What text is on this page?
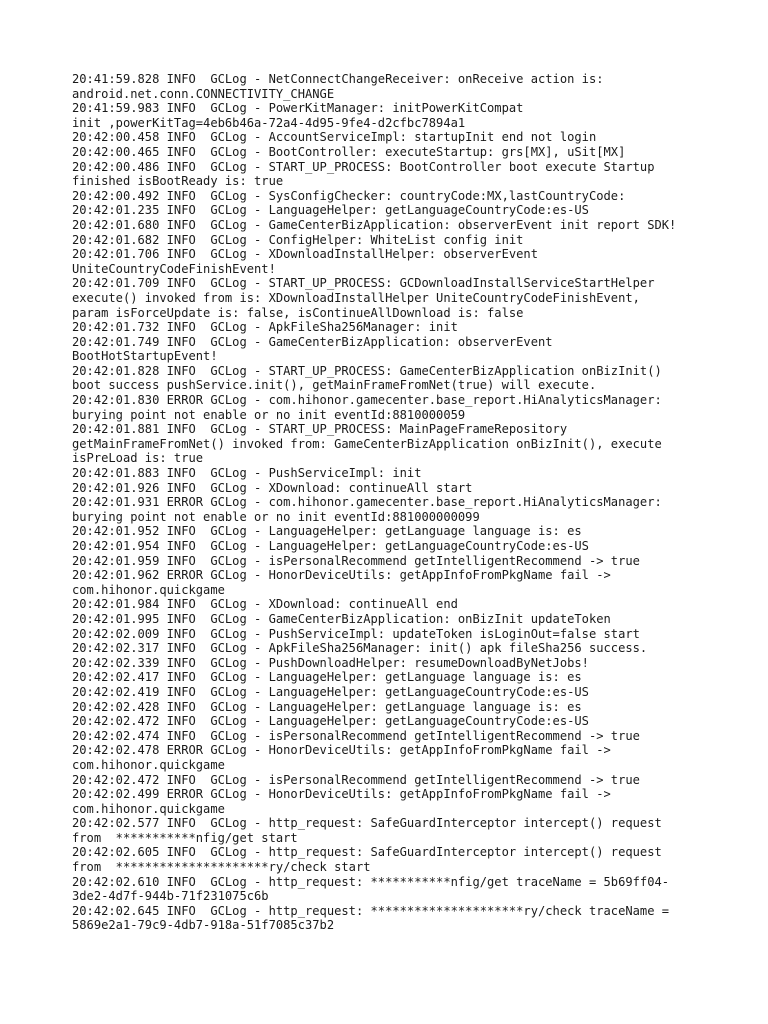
20:41:59.828 INFO  GCLog - NetConnectChangeReceiver: onReceive action is:

android.net.conn.CONNECTIVITY_CHANGE

20:41:59.983 INFO  GCLog - PowerKitManager: initPowerKitCompat

init ,powerKitTag=4eb6b46a-72a4-4d95-9fe4-d2cfbc7894a1

20:42:00.458 INFO  GCLog - AccountServiceImpl: startupInit end not login

20:42:00.465 INFO  GCLog - BootController: executeStartup: grs[MX], uSit[MX]

20:42:00.486 INFO  GCLog - START_UP_PROCESS: BootController boot execute Startup

finished isBootReady is: true

20:42:00.492 INFO  GCLog - SysConfigChecker: countryCode:MX,lastCountryCode:

20:42:01.235 INFO  GCLog - LanguageHelper: getLanguageCountryCode:es-US

20:42:01.680 INFO  GCLog - GameCenterBizApplication: observerEvent init report SDK!

20:42:01.682 INFO  GCLog - ConfigHelper: WhiteList config init

20:42:01.706 INFO  GCLog - XDownloadInstallHelper: observerEvent

UniteCountryCodeFinishEvent!

20:42:01.709 INFO  GCLog - START_UP_PROCESS: GCDownloadInstallServiceStartHelper

execute() invoked from is: XDownloadInstallHelper UniteCountryCodeFinishEvent,

param isForceUpdate is: false, isContinueAllDownload is: false

20:42:01.732 INFO  GCLog - ApkFileSha256Manager: init

20:42:01.749 INFO  GCLog - GameCenterBizApplication: observerEvent

BootHotStartupEvent!

20:42:01.828 INFO  GCLog - START_UP_PROCESS: GameCenterBizApplication onBizInit()

boot success pushService.init(), getMainFrameFromNet(true) will execute.

20:42:01.830 ERROR GCLog - com.hihonor.gamecenter.base_report.HiAnalyticsManager:

burying point not enable or no init eventId:8810000059

20:42:01.881 INFO  GCLog - START_UP_PROCESS: MainPageFrameRepository

getMainFrameFromNet() invoked from: GameCenterBizApplication onBizInit(), execute

isPreLoad is: true

20:42:01.883 INFO  GCLog - PushServiceImpl: init

20:42:01.926 INFO  GCLog - XDownload: continueAll start

20:42:01.931 ERROR GCLog - com.hihonor.gamecenter.base_report.HiAnalyticsManager:

burying point not enable or no init eventId:881000000099

20:42:01.952 INFO  GCLog - LanguageHelper: getLanguage language is: es

20:42:01.954 INFO  GCLog - LanguageHelper: getLanguageCountryCode:es-US

20:42:01.959 INFO  GCLog - isPersonalRecommend getIntelligentRecommend -> true

20:42:01.962 ERROR GCLog - HonorDeviceUtils: getAppInfoFromPkgName fail ->

com.hihonor.quickgame

20:42:01.984 INFO  GCLog - XDownload: continueAll end

20:42:01.995 INFO  GCLog - GameCenterBizApplication: onBizInit updateToken

20:42:02.009 INFO  GCLog - PushServiceImpl: updateToken isLoginOut=false start

20:42:02.317 INFO  GCLog - ApkFileSha256Manager: init() apk fileSha256 success.

20:42:02.339 INFO  GCLog - PushDownloadHelper: resumeDownloadByNetJobs!

20:42:02.417 INFO  GCLog - LanguageHelper: getLanguage language is: es

20:42:02.419 INFO  GCLog - LanguageHelper: getLanguageCountryCode:es-US

20:42:02.428 INFO  GCLog - LanguageHelper: getLanguage language is: es

20:42:02.472 INFO  GCLog - LanguageHelper: getLanguageCountryCode:es-US

20:42:02.474 INFO  GCLog - isPersonalRecommend getIntelligentRecommend -> true

20:42:02.478 ERROR GCLog - HonorDeviceUtils: getAppInfoFromPkgName fail ->

com.hihonor.quickgame

20:42:02.472 INFO  GCLog - isPersonalRecommend getIntelligentRecommend -> true

20:42:02.499 ERROR GCLog - HonorDeviceUtils: getAppInfoFromPkgName fail ->

com.hihonor.quickgame

20:42:02.577 INFO  GCLog - http_request: SafeGuardInterceptor intercept() request

from  ***********nfig/get start

20:42:02.605 INFO  GCLog - http_request: SafeGuardInterceptor intercept() request

from  *********************ry/check start

20:42:02.610 INFO  GCLog - http_request: ***********nfig/get traceName = 5b69ff04-

3de2-4d7f-944b-71f231075c6b

20:42:02.645 INFO  GCLog - http_request: *********************ry/check traceName =

5869e2a1-79c9-4db7-918a-51f7085c37b2
